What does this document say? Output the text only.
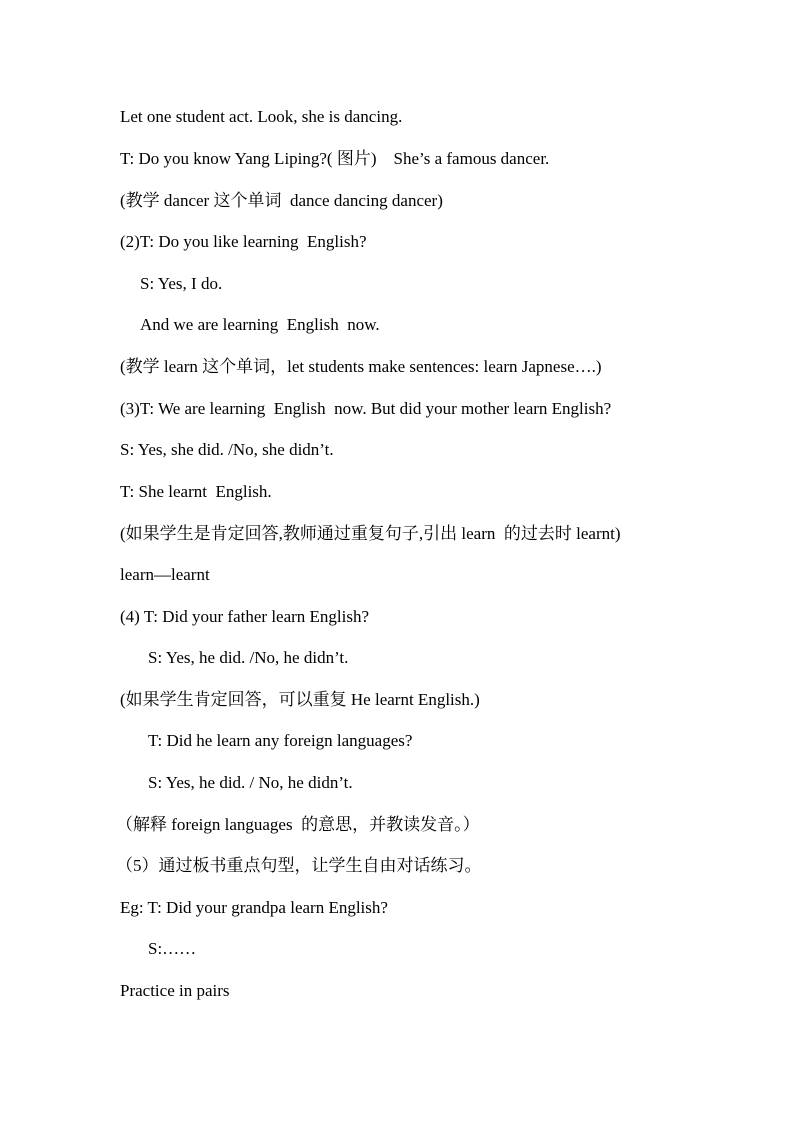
Let one student act. Look, she is dancing.

T: Do you know Yang Liping?( 图片)    She’s a famous dancer.

(教学 dancer 这个单词  dance dancing dancer)

(2)T: Do you like learning  English?

S: Yes, I do.

And we are learning  English  now.

(教学 learn 这个单词，let students make sentences: learn Japnese….)

(3)T: We are learning  English  now. But did your mother learn English?

S: Yes, she did. /No, she didn’t.

T: She learnt  English.

(如果学生是肯定回答,教师通过重复句子,引出 learn  的过去时 learnt)

learn—learnt

(4) T: Did your father learn English?

S: Yes, he did. /No, he didn’t.

(如果学生肯定回答，可以重复 He learnt English.)

T: Did he learn any foreign languages?

S: Yes, he did. / No, he didn’t.

（解释 foreign languages  的意思，并教读发音。）

（5）通过板书重点句型，让学生自由对话练习。

Eg: T: Did your grandpa learn English?

S:……

Practice in pairs
